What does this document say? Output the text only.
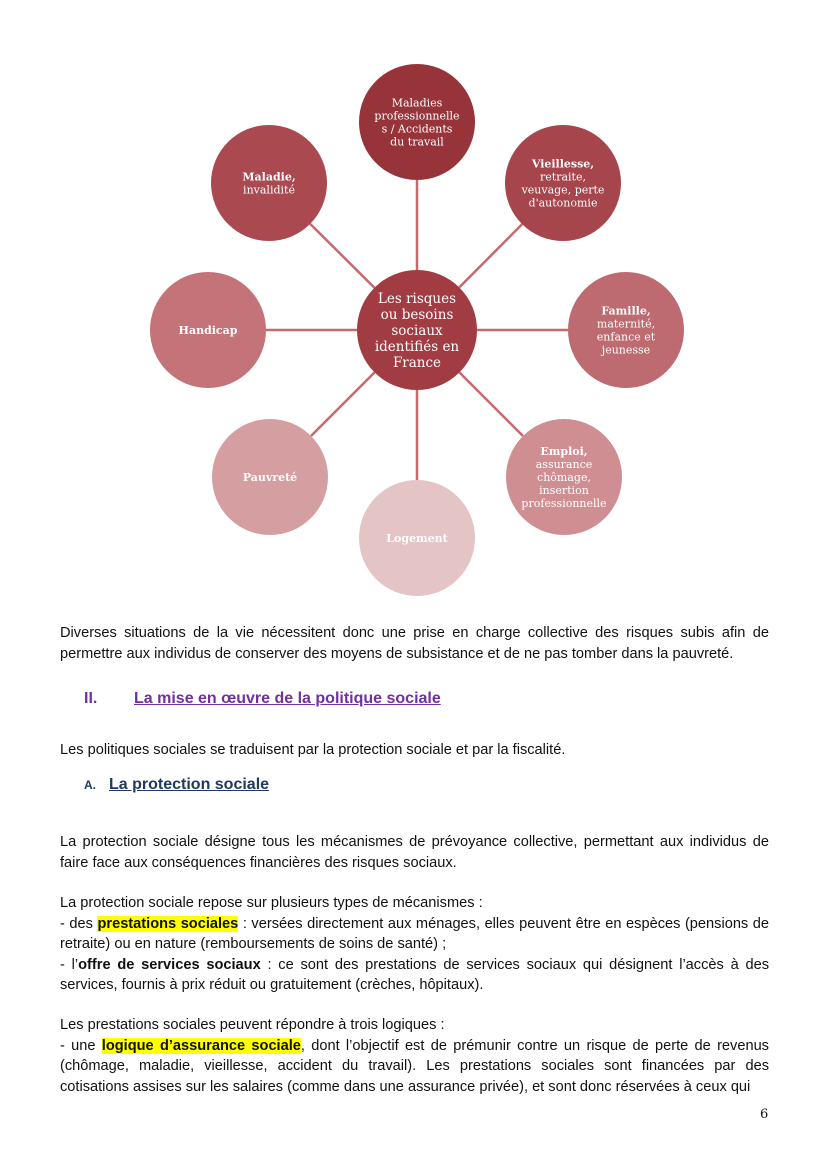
Maladies professionnelle s / Accidents du travail
Vieillesse, retraite, veuvage, perte d'autonomie
Famille, maternité, enfance et jeunesse
Emploi, assurance chômage, insertion professionnelle
Logement
Pauvreté
Handicap
Maladie, invalidité
Les risques ou besoins sociaux identifiés en France

Diverses situations de la vie nécessitent donc une prise en charge collective des risques subis afin de permettre aux individus de conserver des moyens de subsistance et de ne pas tomber dans la pauvreté.

II. La mise en œuvre de la politique sociale

Les politiques sociales se traduisent par la protection sociale et par la fiscalité.

A. La protection sociale

La protection sociale désigne tous les mécanismes de prévoyance collective, permettant aux individus de faire face aux conséquences financières des risques sociaux.

La protection sociale repose sur plusieurs types de mécanismes :
- des prestations sociales : versées directement aux ménages, elles peuvent être en espèces (pensions de retraite) ou en nature (remboursements de soins de santé) ;
- l’offre de services sociaux : ce sont des prestations de services sociaux qui désignent l’accès à des services, fournis à prix réduit ou gratuitement (crèches, hôpitaux).

Les prestations sociales peuvent répondre à trois logiques :
- une logique d’assurance sociale, dont l’objectif est de prémunir contre un risque de perte de revenus (chômage, maladie, vieillesse, accident du travail). Les prestations sociales sont financées par des cotisations assises sur les salaires (comme dans une assurance privée), et sont donc réservées à ceux qui

6
